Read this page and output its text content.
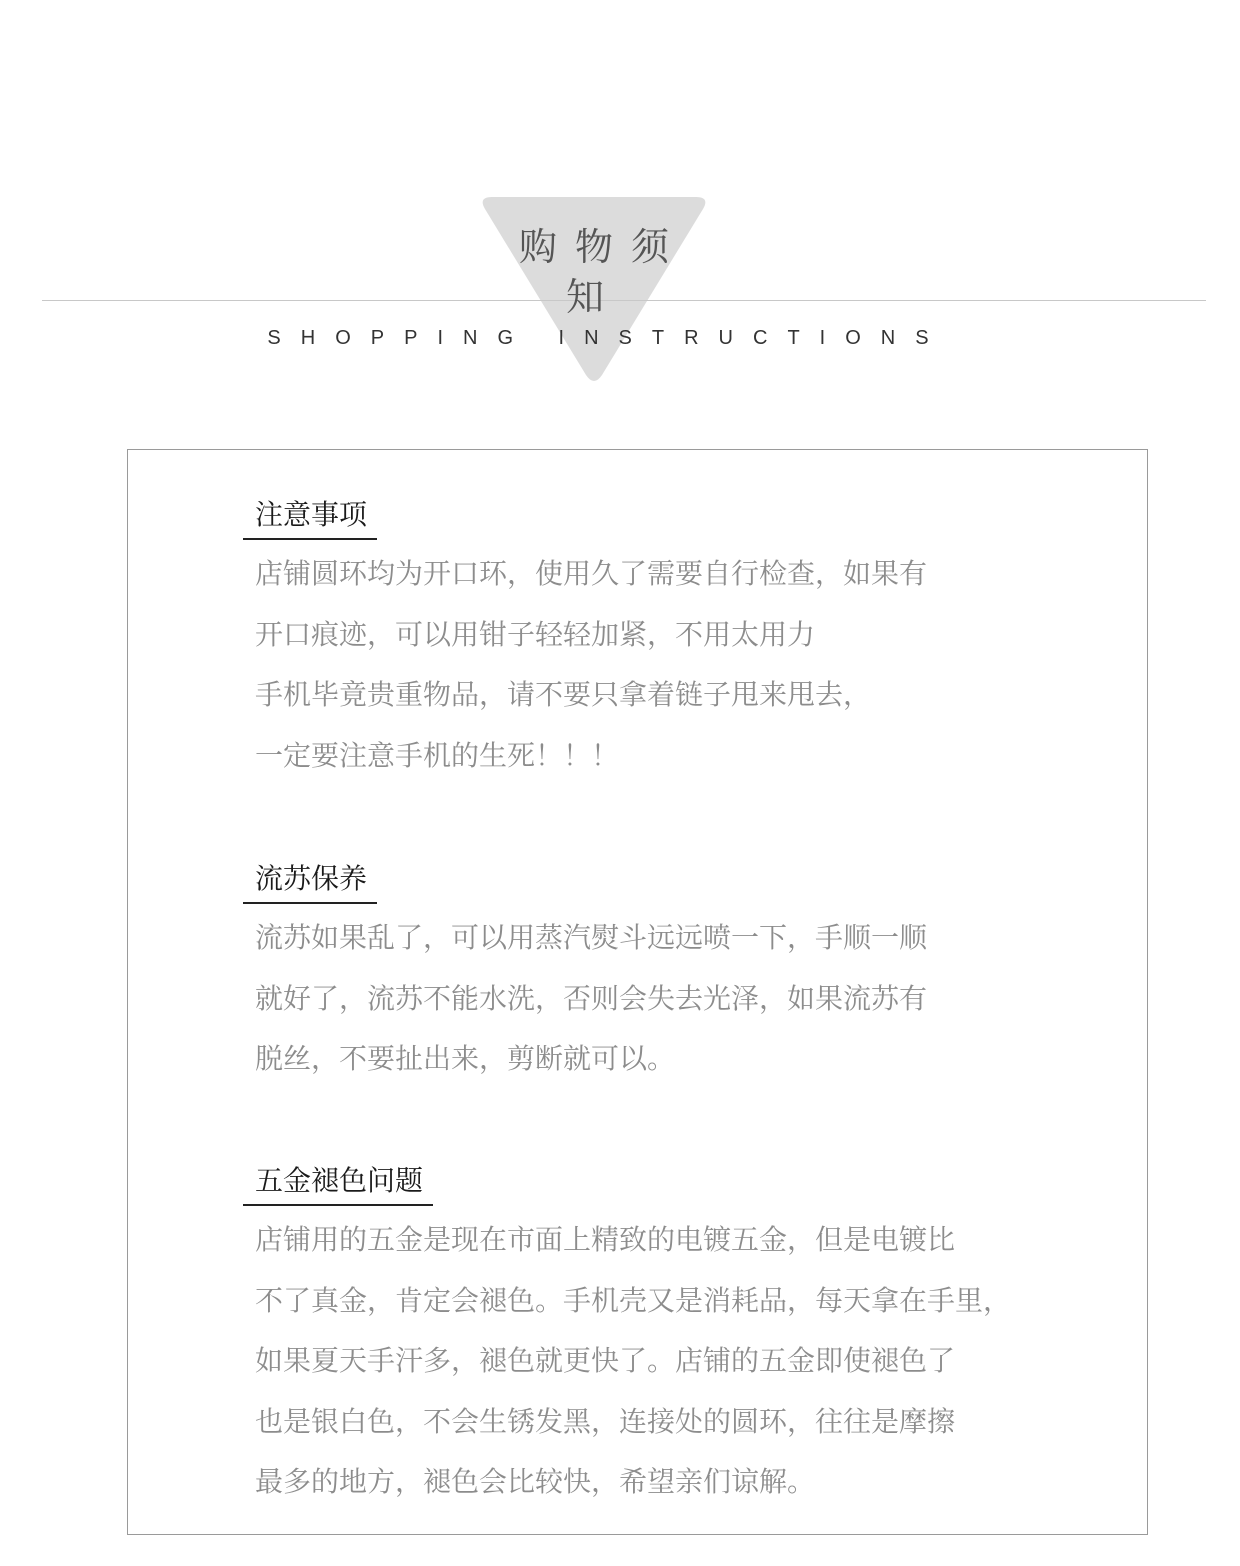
购物须知
SHOPPING INSTRUCTIONS
注意事项
店铺圆环均为开口环，使用久了需要自行检查，如果有
开口痕迹，可以用钳子轻轻加紧，不用太用力
手机毕竟贵重物品，请不要只拿着链子甩来甩去，
一定要注意手机的生死！！！
流苏保养
流苏如果乱了，可以用蒸汽熨斗远远喷一下，手顺一顺
就好了，流苏不能水洗，否则会失去光泽，如果流苏有
脱丝，不要扯出来，剪断就可以。
五金褪色问题
店铺用的五金是现在市面上精致的电镀五金，但是电镀比
不了真金，肯定会褪色。手机壳又是消耗品，每天拿在手里，
如果夏天手汗多，褪色就更快了。店铺的五金即使褪色了
也是银白色，不会生锈发黑，连接处的圆环，往往是摩擦
最多的地方，褪色会比较快，希望亲们谅解。
